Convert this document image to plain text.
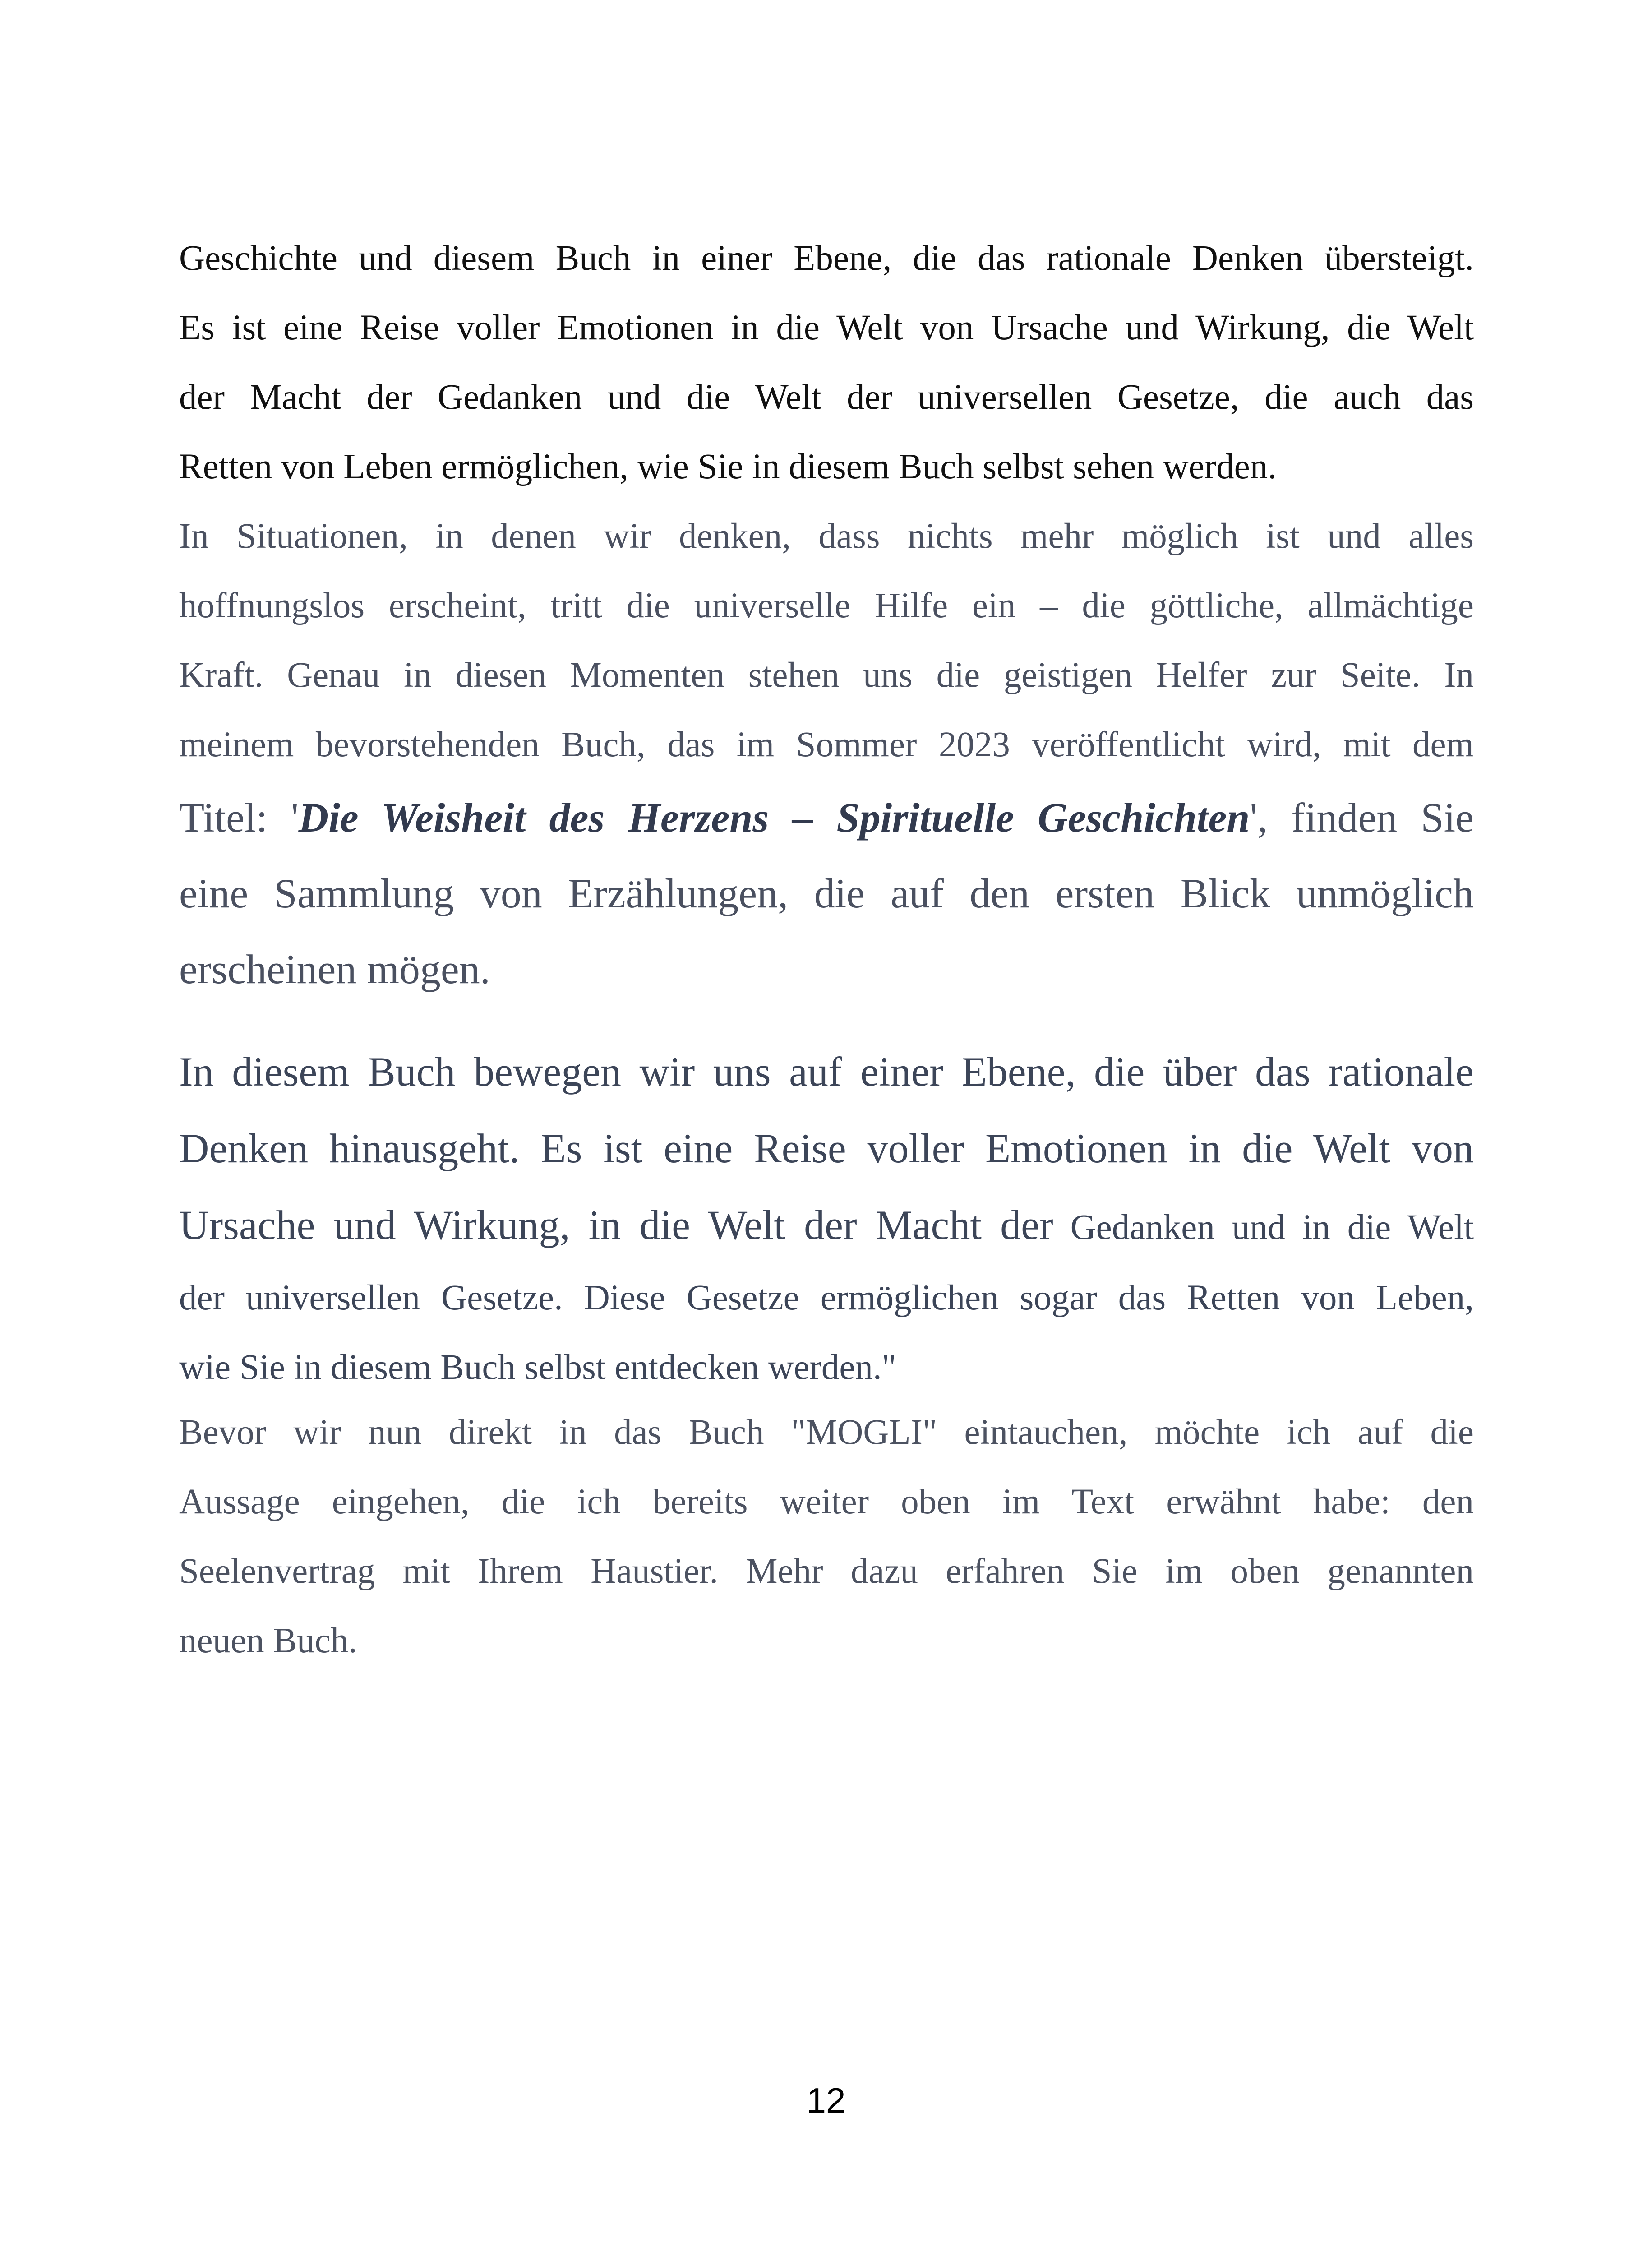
Geschichte und diesem Buch in einer Ebene, die das rationale Denken übersteigt.
Es ist eine Reise voller Emotionen in die Welt von Ursache und Wirkung, die Welt
der Macht der Gedanken und die Welt der universellen Gesetze, die auch das
Retten von Leben ermöglichen, wie Sie in diesem Buch selbst sehen werden.
In Situationen, in denen wir denken, dass nichts mehr möglich ist und alles
hoffnungslos erscheint, tritt die universelle Hilfe ein – die göttliche, allmächtige
Kraft. Genau in diesen Momenten stehen uns die geistigen Helfer zur Seite. In
meinem bevorstehenden Buch, das im Sommer 2023 veröffentlicht wird, mit dem
Titel: 'Die Weisheit des Herzens – Spirituelle Geschichten', finden Sie
eine Sammlung von Erzählungen, die auf den ersten Blick unmöglich
erscheinen mögen.
In diesem Buch bewegen wir uns auf einer Ebene, die über das rationale
Denken hinausgeht. Es ist eine Reise voller Emotionen in die Welt von
Ursache und Wirkung, in die Welt der Macht der Gedanken und in die Welt
der universellen Gesetze. Diese Gesetze ermöglichen sogar das Retten von Leben,
wie Sie in diesem Buch selbst entdecken werden."
Bevor wir nun direkt in das Buch "MOGLI" eintauchen, möchte ich auf die
Aussage eingehen, die ich bereits weiter oben im Text erwähnt habe: den
Seelenvertrag mit Ihrem Haustier. Mehr dazu erfahren Sie im oben genannten
neuen Buch.
12
